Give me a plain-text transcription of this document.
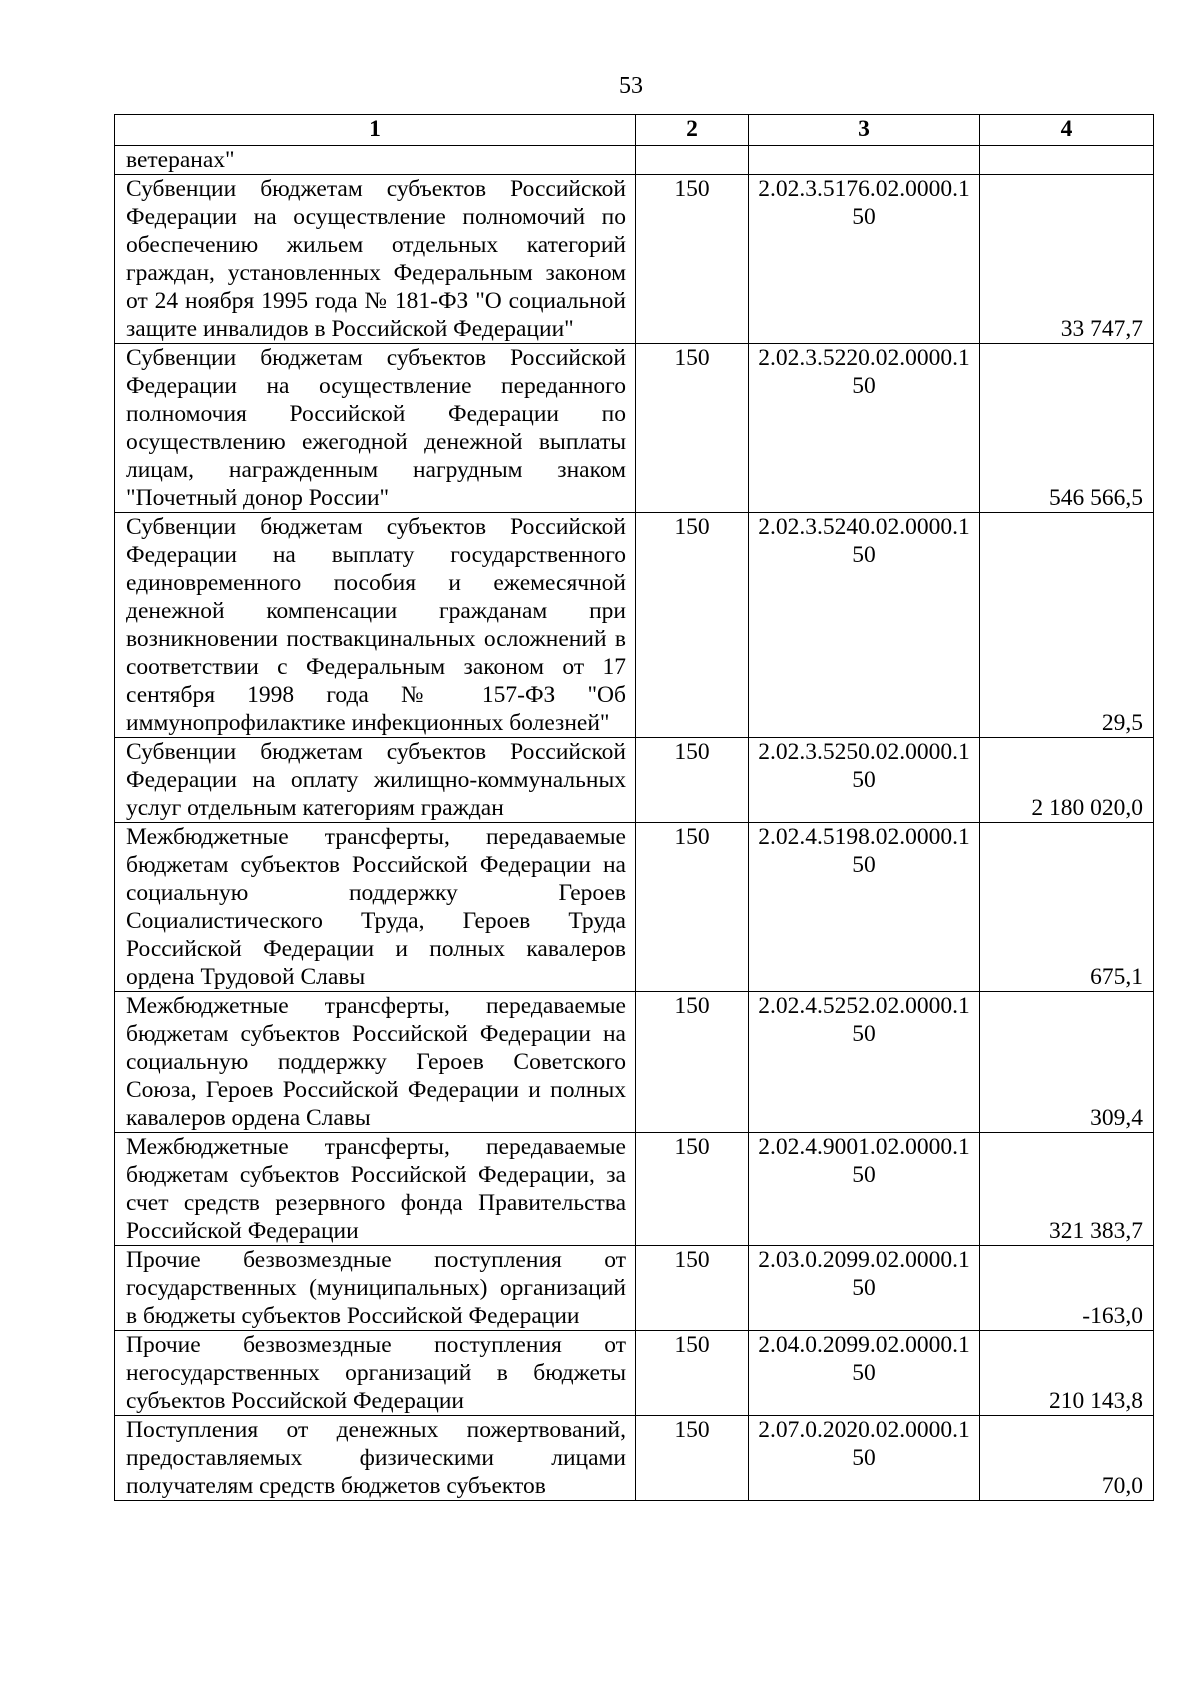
53
1	2	3	4
ветеранах"			
Субвенции бюджетам субъектов Российской Федерации на осуществление полномочий по обеспечению жильем отдельных категорий граждан, установленных Федеральным законом от 24 ноября 1995 года № 181-ФЗ "О социальной защите инвалидов в Российской Федерации"	150	2.02.3.5176.02.0000.150	33 747,7
Субвенции бюджетам субъектов Российской Федерации на осуществление переданного полномочия Российской Федерации по осуществлению ежегодной денежной выплаты лицам, награжденным нагрудным знаком "Почетный донор России"	150	2.02.3.5220.02.0000.150	546 566,5
Субвенции бюджетам субъектов Российской Федерации на выплату государственного единовременного пособия и ежемесячной денежной компенсации гражданам при возникновении поствакцинальных осложнений в соответствии с Федеральным законом от 17 сентября 1998 года № 157-ФЗ "Об иммунопрофилактике инфекционных болезней"	150	2.02.3.5240.02.0000.150	29,5
Субвенции бюджетам субъектов Российской Федерации на оплату жилищно-коммунальных услуг отдельным категориям граждан	150	2.02.3.5250.02.0000.150	2 180 020,0
Межбюджетные трансферты, передаваемые бюджетам субъектов Российской Федерации на социальную поддержку Героев Социалистического Труда, Героев Труда Российской Федерации и полных кавалеров ордена Трудовой Славы	150	2.02.4.5198.02.0000.150	675,1
Межбюджетные трансферты, передаваемые бюджетам субъектов Российской Федерации на социальную поддержку Героев Советского Союза, Героев Российской Федерации и полных кавалеров ордена Славы	150	2.02.4.5252.02.0000.150	309,4
Межбюджетные трансферты, передаваемые бюджетам субъектов Российской Федерации, за счет средств резервного фонда Правительства Российской Федерации	150	2.02.4.9001.02.0000.150	321 383,7
Прочие безвозмездные поступления от государственных (муниципальных) организаций в бюджеты субъектов Российской Федерации	150	2.03.0.2099.02.0000.150	-163,0
Прочие безвозмездные поступления от негосударственных организаций в бюджеты субъектов Российской Федерации	150	2.04.0.2099.02.0000.150	210 143,8
Поступления от денежных пожертвований, предоставляемых физическими лицами получателям средств бюджетов субъектов	150	2.07.0.2020.02.0000.150	70,0
